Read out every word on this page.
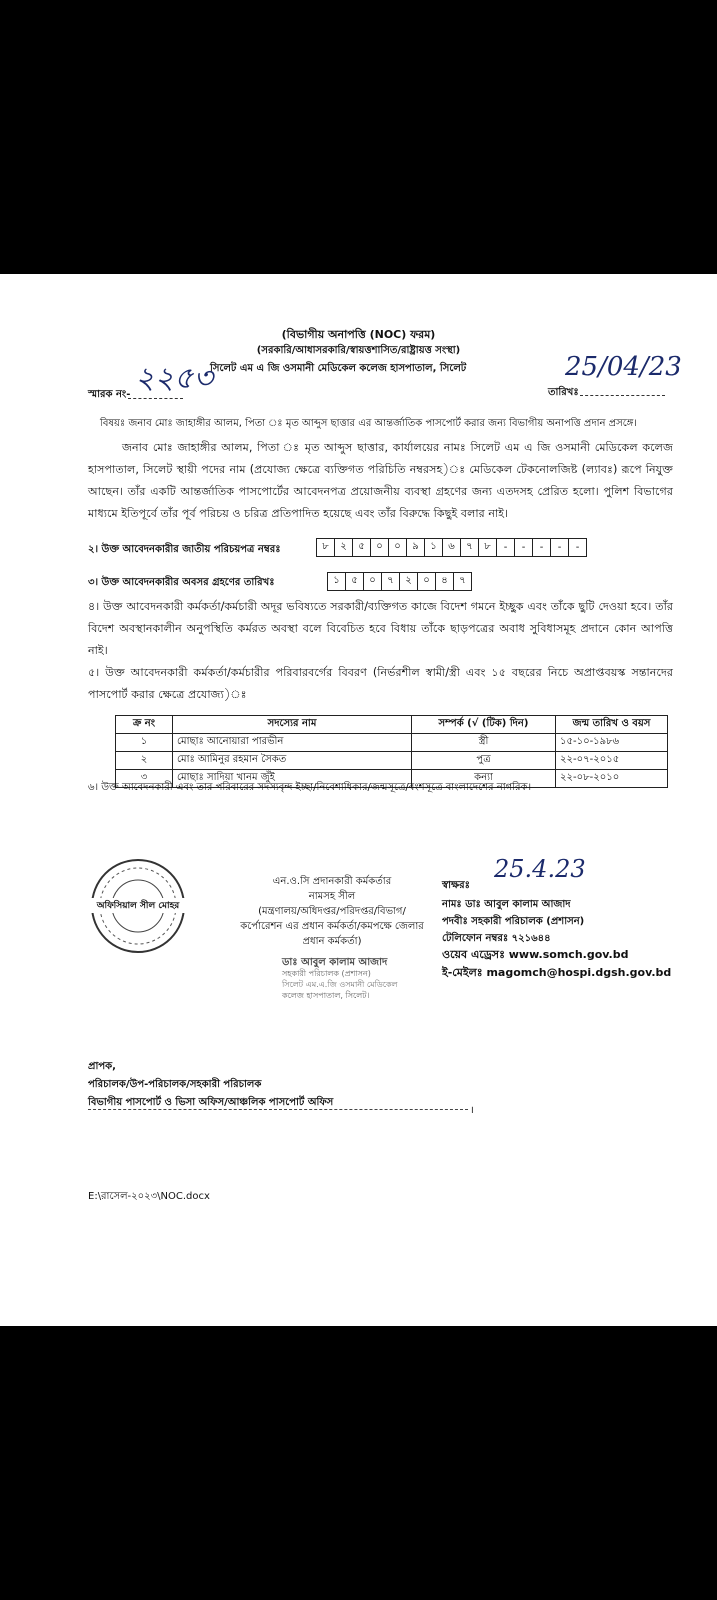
(বিভাগীয় অনাপত্তি (NOC) ফরম)
(সরকারি/আধাসরকারি/স্বায়ত্তশাসিত/রাষ্ট্রায়ত্ত সংস্থা)
২২৫৩
সিলেট এম এ জি ওসমানী মেডিকেল কলেজ হাসপাতাল, সিলেট
স্মারক নং-
25/04/23
তারিখঃ
বিষয়ঃ জনাব মোঃ জাহাঙ্গীর আলম, পিতা ঃ মৃত আব্দুস ছাত্তার এর আন্তর্জাতিক পাসপোর্ট করার জন্য বিভাগীয় অনাপত্তি প্রদান প্রসঙ্গে।
জনাব মোঃ জাহাঙ্গীর আলম, পিতা ঃ মৃত আব্দুস ছাত্তার, কার্যালয়ের নামঃ সিলেট এম এ জি ওসমানী মেডিকেল কলেজ হাসপাতাল, সিলেট স্থায়ী পদের নাম (প্রযোজ্য ক্ষেত্রে ব্যক্তিগত পরিচিতি নম্বরসহ)ঃ মেডিকেল টেকনোলজিষ্ট (ল্যাবঃ) রূপে নিযুক্ত আছেন। তাঁর একটি আন্তর্জাতিক পাসপোর্টের আবেদনপত্র প্রয়োজনীয় ব্যবস্থা গ্রহণের জন্য এতদসহ প্রেরিত হলো। পুলিশ বিভাগের মাধ্যমে ইতিপূর্বে তাঁর পূর্ব পরিচয় ও চরিত্র প্রতিপাদিত হয়েছে এবং তাঁর বিরুদ্ধে কিছুই বলার নাই।
২। উক্ত আবেদনকারীর জাতীয় পরিচয়পত্র নম্বরঃ	৮	২	৫	০	০	৯	১	৬	৭	৮	-	-	-	-	-
৩। উক্ত আবেদনকারীর অবসর গ্রহণের তারিখঃ	১	৫	০	৭	২	০	৪	৭
৪। উক্ত আবেদনকারী কর্মকর্তা/কর্মচারী অদূর ভবিষ্যতে সরকারী/ব্যক্তিগত কাজে বিদেশ গমনে ইচ্ছুক এবং তাঁকে ছুটি দেওয়া হবে। তাঁর বিদেশ অবস্থানকালীন অনুপস্থিতি কর্মরত অবস্থা বলে বিবেচিত হবে বিধায় তাঁকে ছাড়পত্রের অবাধ সুবিধাসমূহ প্রদানে কোন আপত্তি নাই।
৫। উক্ত আবেদনকারী কর্মকর্তা/কর্মচারীর পরিবারবর্গের বিবরণ (নির্ভরশীল স্বামী/স্ত্রী এবং ১৫ বছরের নিচে অপ্রাপ্তবয়স্ক সন্তানদের পাসপোর্ট করার ক্ষেত্রে প্রযোজ্য)ঃ
ক্র নং	সদস্যের নাম	সম্পর্ক (√ (টিক) দিন)	জন্ম তারিখ ও বয়স
১	মোছাঃ আনোয়ারা পারভীন	স্ত্রী	১৫-১০-১৯৮৬
২	মোঃ আমিনুর রহমান সৈকত	পুত্র	২২-০৭-২০১৫
৩	মোছাঃ সাদিয়া খানম জুঁই	কন্যা	২২-০৮-২০১০
৬। উক্ত আবেদনকারী এবং তার পরিবারের সদস্যবৃন্দ ইচ্ছা/নিবেশাধিকার/জন্মসূত্রে/বংশসূত্রে বাংলাদেশের নাগরিক।
অফিসিয়াল সীল মোহর
এন.ও.সি প্রদানকারী কর্মকর্তার
নামসহ সীল
(মন্ত্রণালয়/অধিদপ্তর/পরিদপ্তর/বিভাগ/
কর্পোরেশন এর প্রধান কর্মকর্তা/কমপক্ষে জেলার
প্রধান কর্মকর্তা)
ডাঃ আবুল কালাম আজাদ
সহকারী পরিচালক (প্রশাসন)
সিলেট এম.এ.জি ওসমানী মেডিকেল
কলেজ হাসপাতাল, সিলেট।
25.4.23
স্বাক্ষরঃ
নামঃ ডাঃ আবুল কালাম আজাদ
পদবীঃ সহকারী পরিচালক (প্রশাসন)
টেলিফোন নম্বরঃ ৭২১৬৪৪
ওয়েব এড্রেসঃ www.somch.gov.bd
ই-মেইলঃ magomch@hospi.dgsh.gov.bd
প্রাপক,
পরিচালক/উপ-পরিচালক/সহকারী পরিচালক
বিভাগীয় পাসপোর্ট ও ভিসা অফিস/আঞ্চলিক পাসপোর্ট অফিস
।
E:\রাসেল-২০২৩\NOC.docx
